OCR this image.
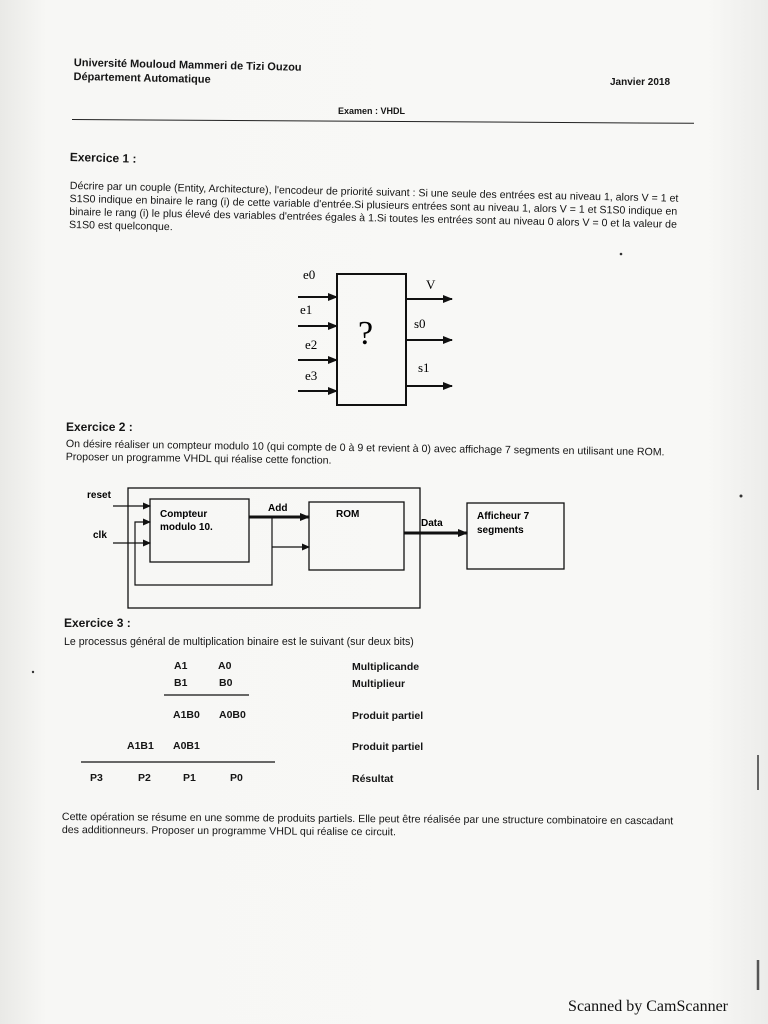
Université Mouloud Mammeri de Tizi Ouzou
Département Automatique	Janvier 2018
Examen : VHDL
Exercice 1 :
Décrire par un couple (Entity, Architecture), l'encodeur de priorité suivant : Si une seule des entrées est au niveau 1, alors V = 1 et S1S0 indique en binaire le rang (i) de cette variable d'entrée.Si plusieurs entrées sont au niveau 1, alors V = 1 et S1S0 indique en binaire le rang (i) le plus élevé des variables d'entrées égales à 1.Si toutes les entrées sont au niveau 0 alors V = 0 et la valeur de S1S0 est quelconque.
e0
e1
e2
e3
V
s0
s1
?
reset
clk
Compteur
modulo 10.
Add
ROM
Data
Afficheur 7
segments
Exercice 2 :
On désire réaliser un compteur modulo 10 (qui compte de 0 à 9 et revient à 0) avec affichage 7 segments en utilisant une ROM. Proposer un programme VHDL qui réalise cette fonction.
Exercice 3 :
Le processus général de multiplication binaire est le suivant (sur deux bits)
A1	A0	Multiplicande
B1	B0	Multiplieur
A1B0 A0B0	Produit partiel
A1B1 A0B1	Produit partiel
P3	P2	P1	P0	Résultat
Cette opération se résume en une somme de produits partiels. Elle peut être réalisée par une structure combinatoire en cascadant des additionneurs. Proposer un programme VHDL qui réalise ce circuit.
Scanned by CamScanner
